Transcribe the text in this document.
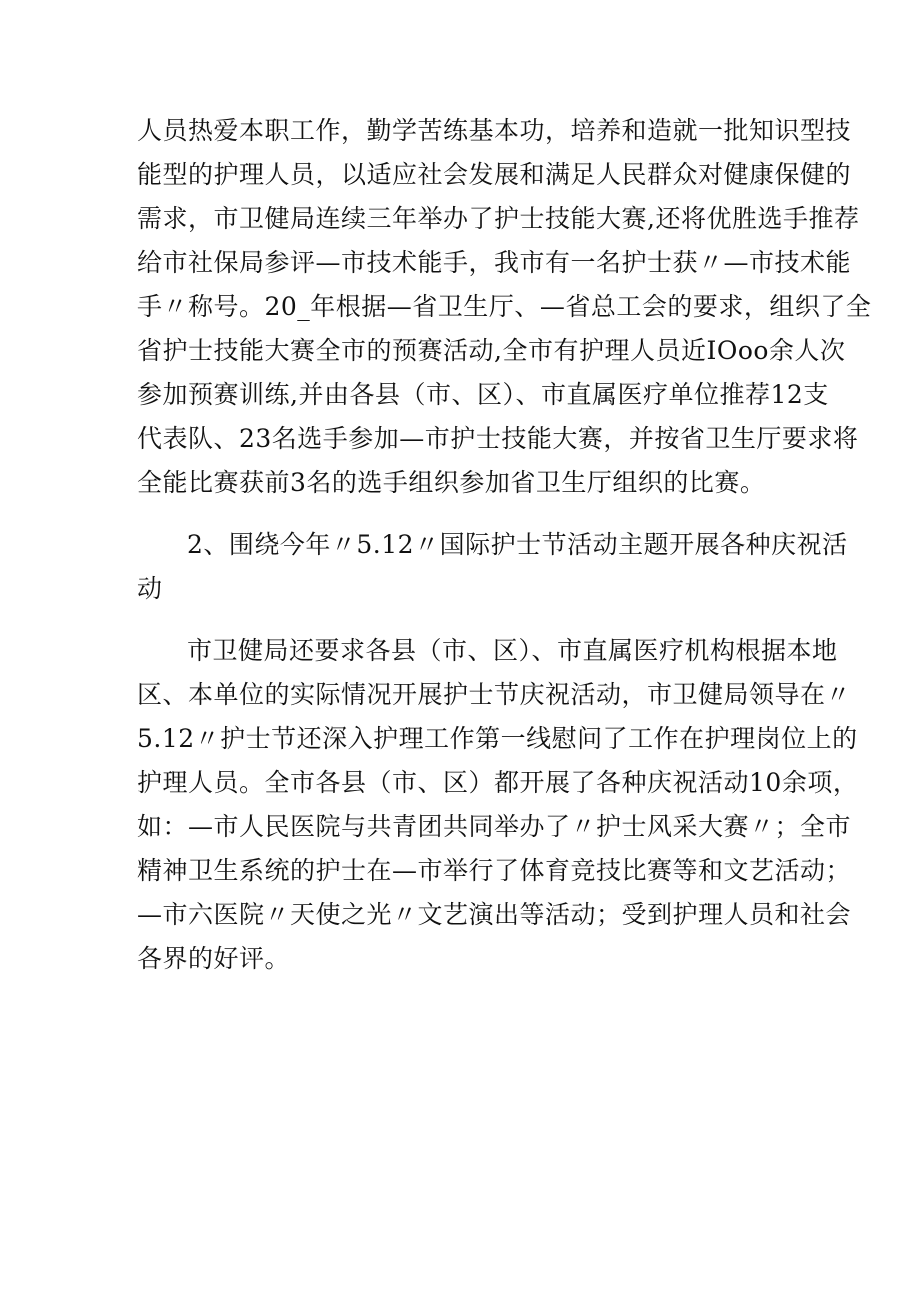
人员热爱本职工作，勤学苦练基本功，培养和造就一批知识型技
能型的护理人员，以适应社会发展和满足人民群众对健康保健的
需求，市卫健局连续三年举办了护士技能大赛,还将优胜选手推荐
给市社保局参评—市技术能手，我市有一名护士获〃—市技术能
手〃称号。20_年根据—省卫生厅、—省总工会的要求，组织了全
省护士技能大赛全市的预赛活动,全市有护理人员近IOoo余人次
参加预赛训练,并由各县（市、区）、市直属医疗单位推荐12支
代表队、23名选手参加—市护士技能大赛，并按省卫生厅要求将
全能比赛获前3名的选手组织参加省卫生厅组织的比赛。
2、围绕今年〃5.12〃国际护士节活动主题开展各种庆祝活
动
市卫健局还要求各县（市、区）、市直属医疗机构根据本地
区、本单位的实际情况开展护士节庆祝活动，市卫健局领导在〃
5.12〃护士节还深入护理工作第一线慰问了工作在护理岗位上的
护理人员。全市各县（市、区）都开展了各种庆祝活动10余项，
如：—市人民医院与共青团共同举办了〃护士风采大赛〃；全市
精神卫生系统的护士在—市举行了体育竞技比赛等和文艺活动；
—市六医院〃天使之光〃文艺演出等活动；受到护理人员和社会
各界的好评。
